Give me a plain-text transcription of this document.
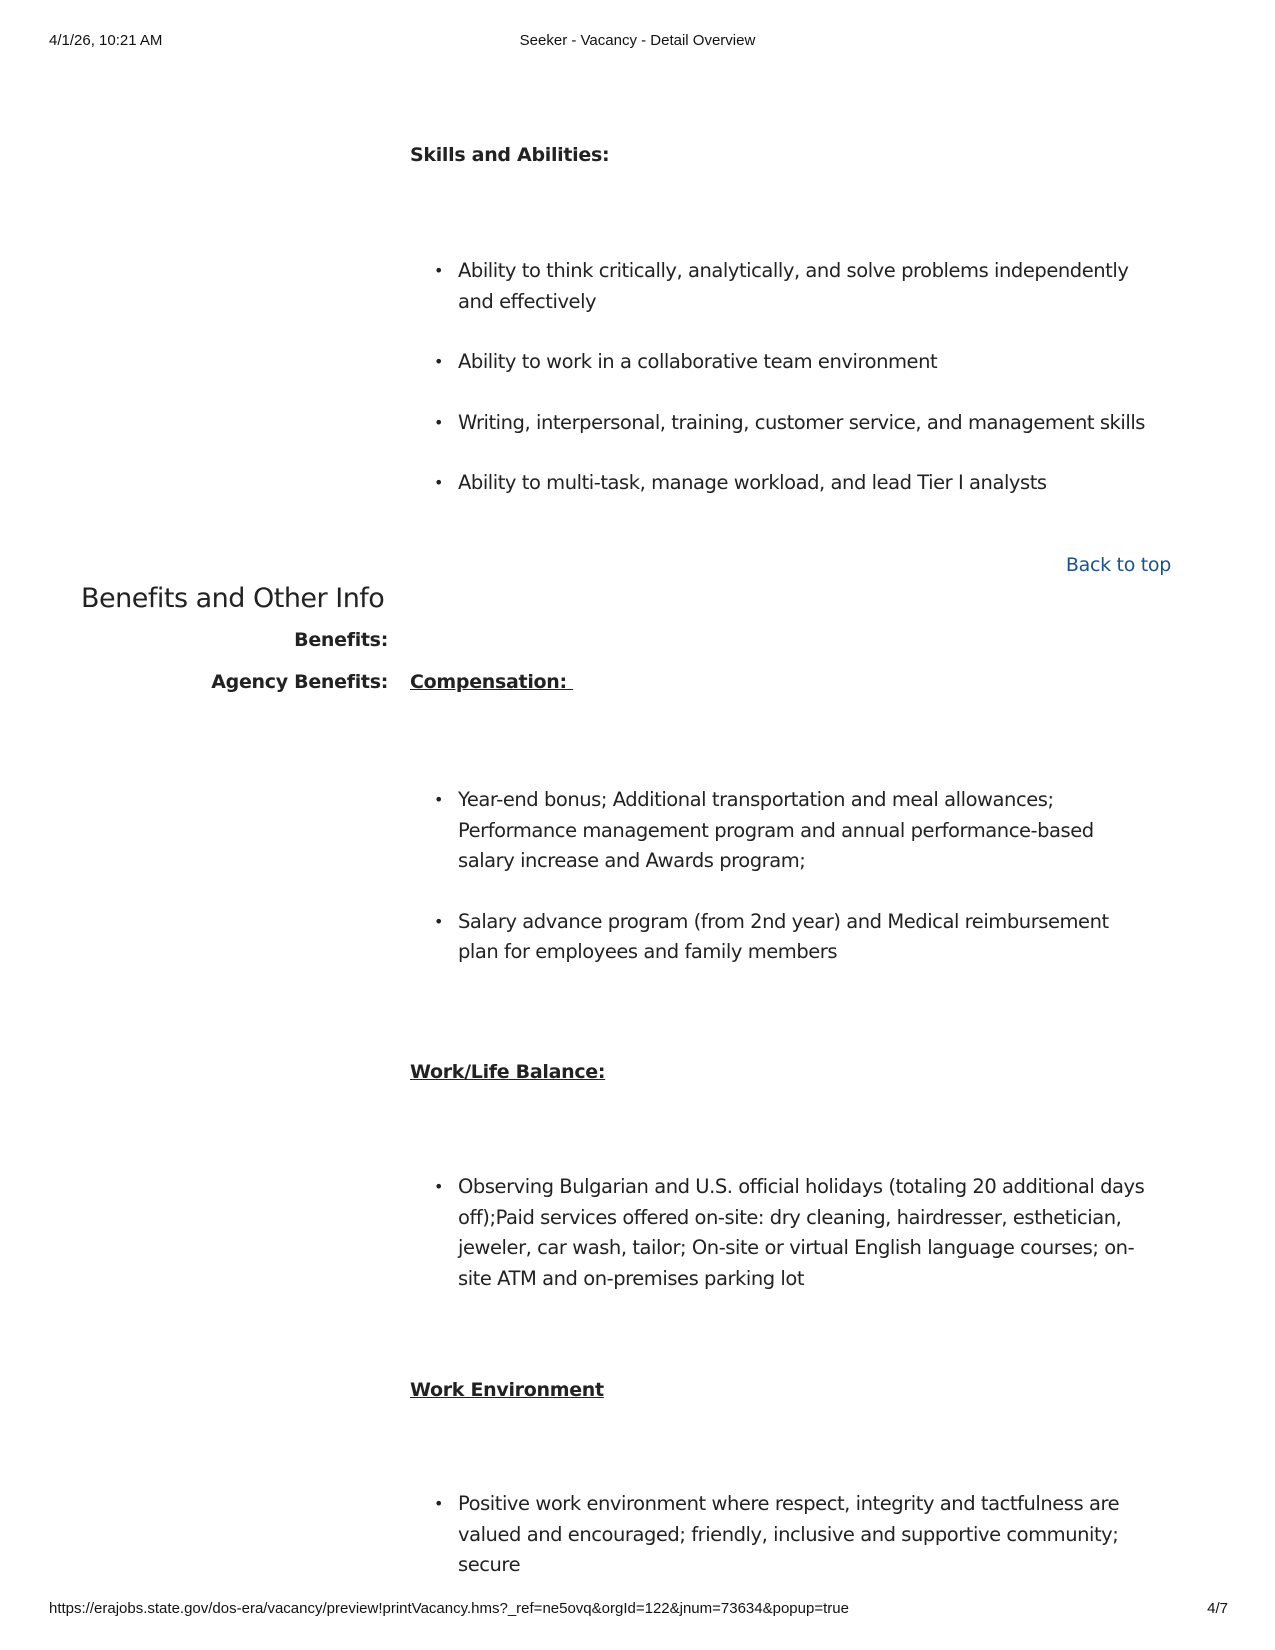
4/1/26, 10:21 AM	Seeker - Vacancy - Detail Overview
Skills and Abilities:
• Ability to think critically, analytically, and solve problems independently and effectively
• Ability to work in a collaborative team environment
• Writing, interpersonal, training, customer service, and management skills
• Ability to multi-task, manage workload, and lead Tier I analysts
Back to top
Benefits and Other Info
Benefits:
Agency Benefits: Compensation:
• Year-end bonus; Additional transportation and meal allowances; Performance management program and annual performance-based salary increase and Awards program;
• Salary advance program (from 2nd year) and Medical reimbursement plan for employees and family members
Work/Life Balance:
• Observing Bulgarian and U.S. official holidays (totaling 20 additional days off);Paid services offered on-site: dry cleaning, hairdresser, esthetician, jeweler, car wash, tailor; On-site or virtual English language courses; on-site ATM and on-premises parking lot
Work Environment
• Positive work environment where respect, integrity and tactfulness are valued and encouraged; friendly, inclusive and supportive community; secure
https://erajobs.state.gov/dos-era/vacancy/preview!printVacancy.hms?_ref=ne5ovq&orgId=122&jnum=73634&popup=true	4/7
